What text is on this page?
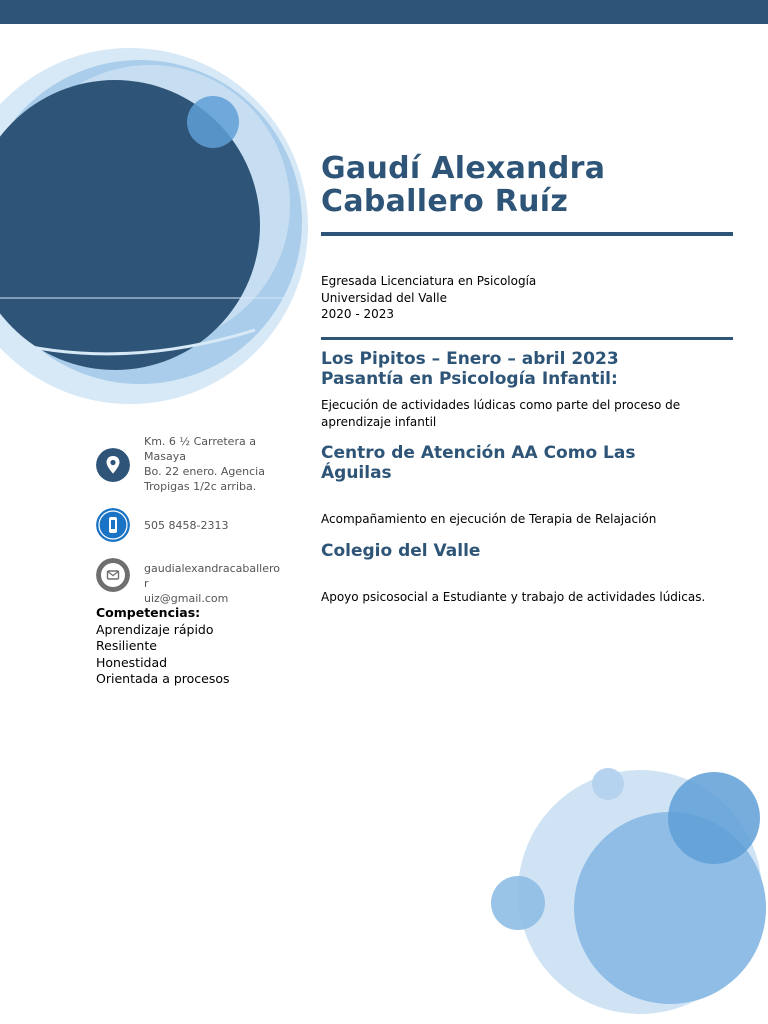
Gaudí Alexandra
Caballero Ruíz
Egresada Licenciatura en Psicología
Universidad del Valle
2020 - 2023
Los Pipitos – Enero – abril 2023
Pasantía en Psicología Infantil:
Ejecución de actividades lúdicas como parte del proceso de
aprendizaje infantil
Centro de Atención AA Como Las
Águilas
Acompañamiento en ejecución de Terapia de Relajación
Colegio del Valle
Apoyo psicosocial a Estudiante y trabajo de actividades lúdicas.
Km. 6 ½ Carretera a
Masaya
Bo. 22 enero. Agencia
Tropigas 1/2c arriba.
505 8458-2313
gaudialexandracaballeror
uiz@gmail.com
Competencias:
Aprendizaje rápido
Resiliente
Honestidad
Orientada a procesos
